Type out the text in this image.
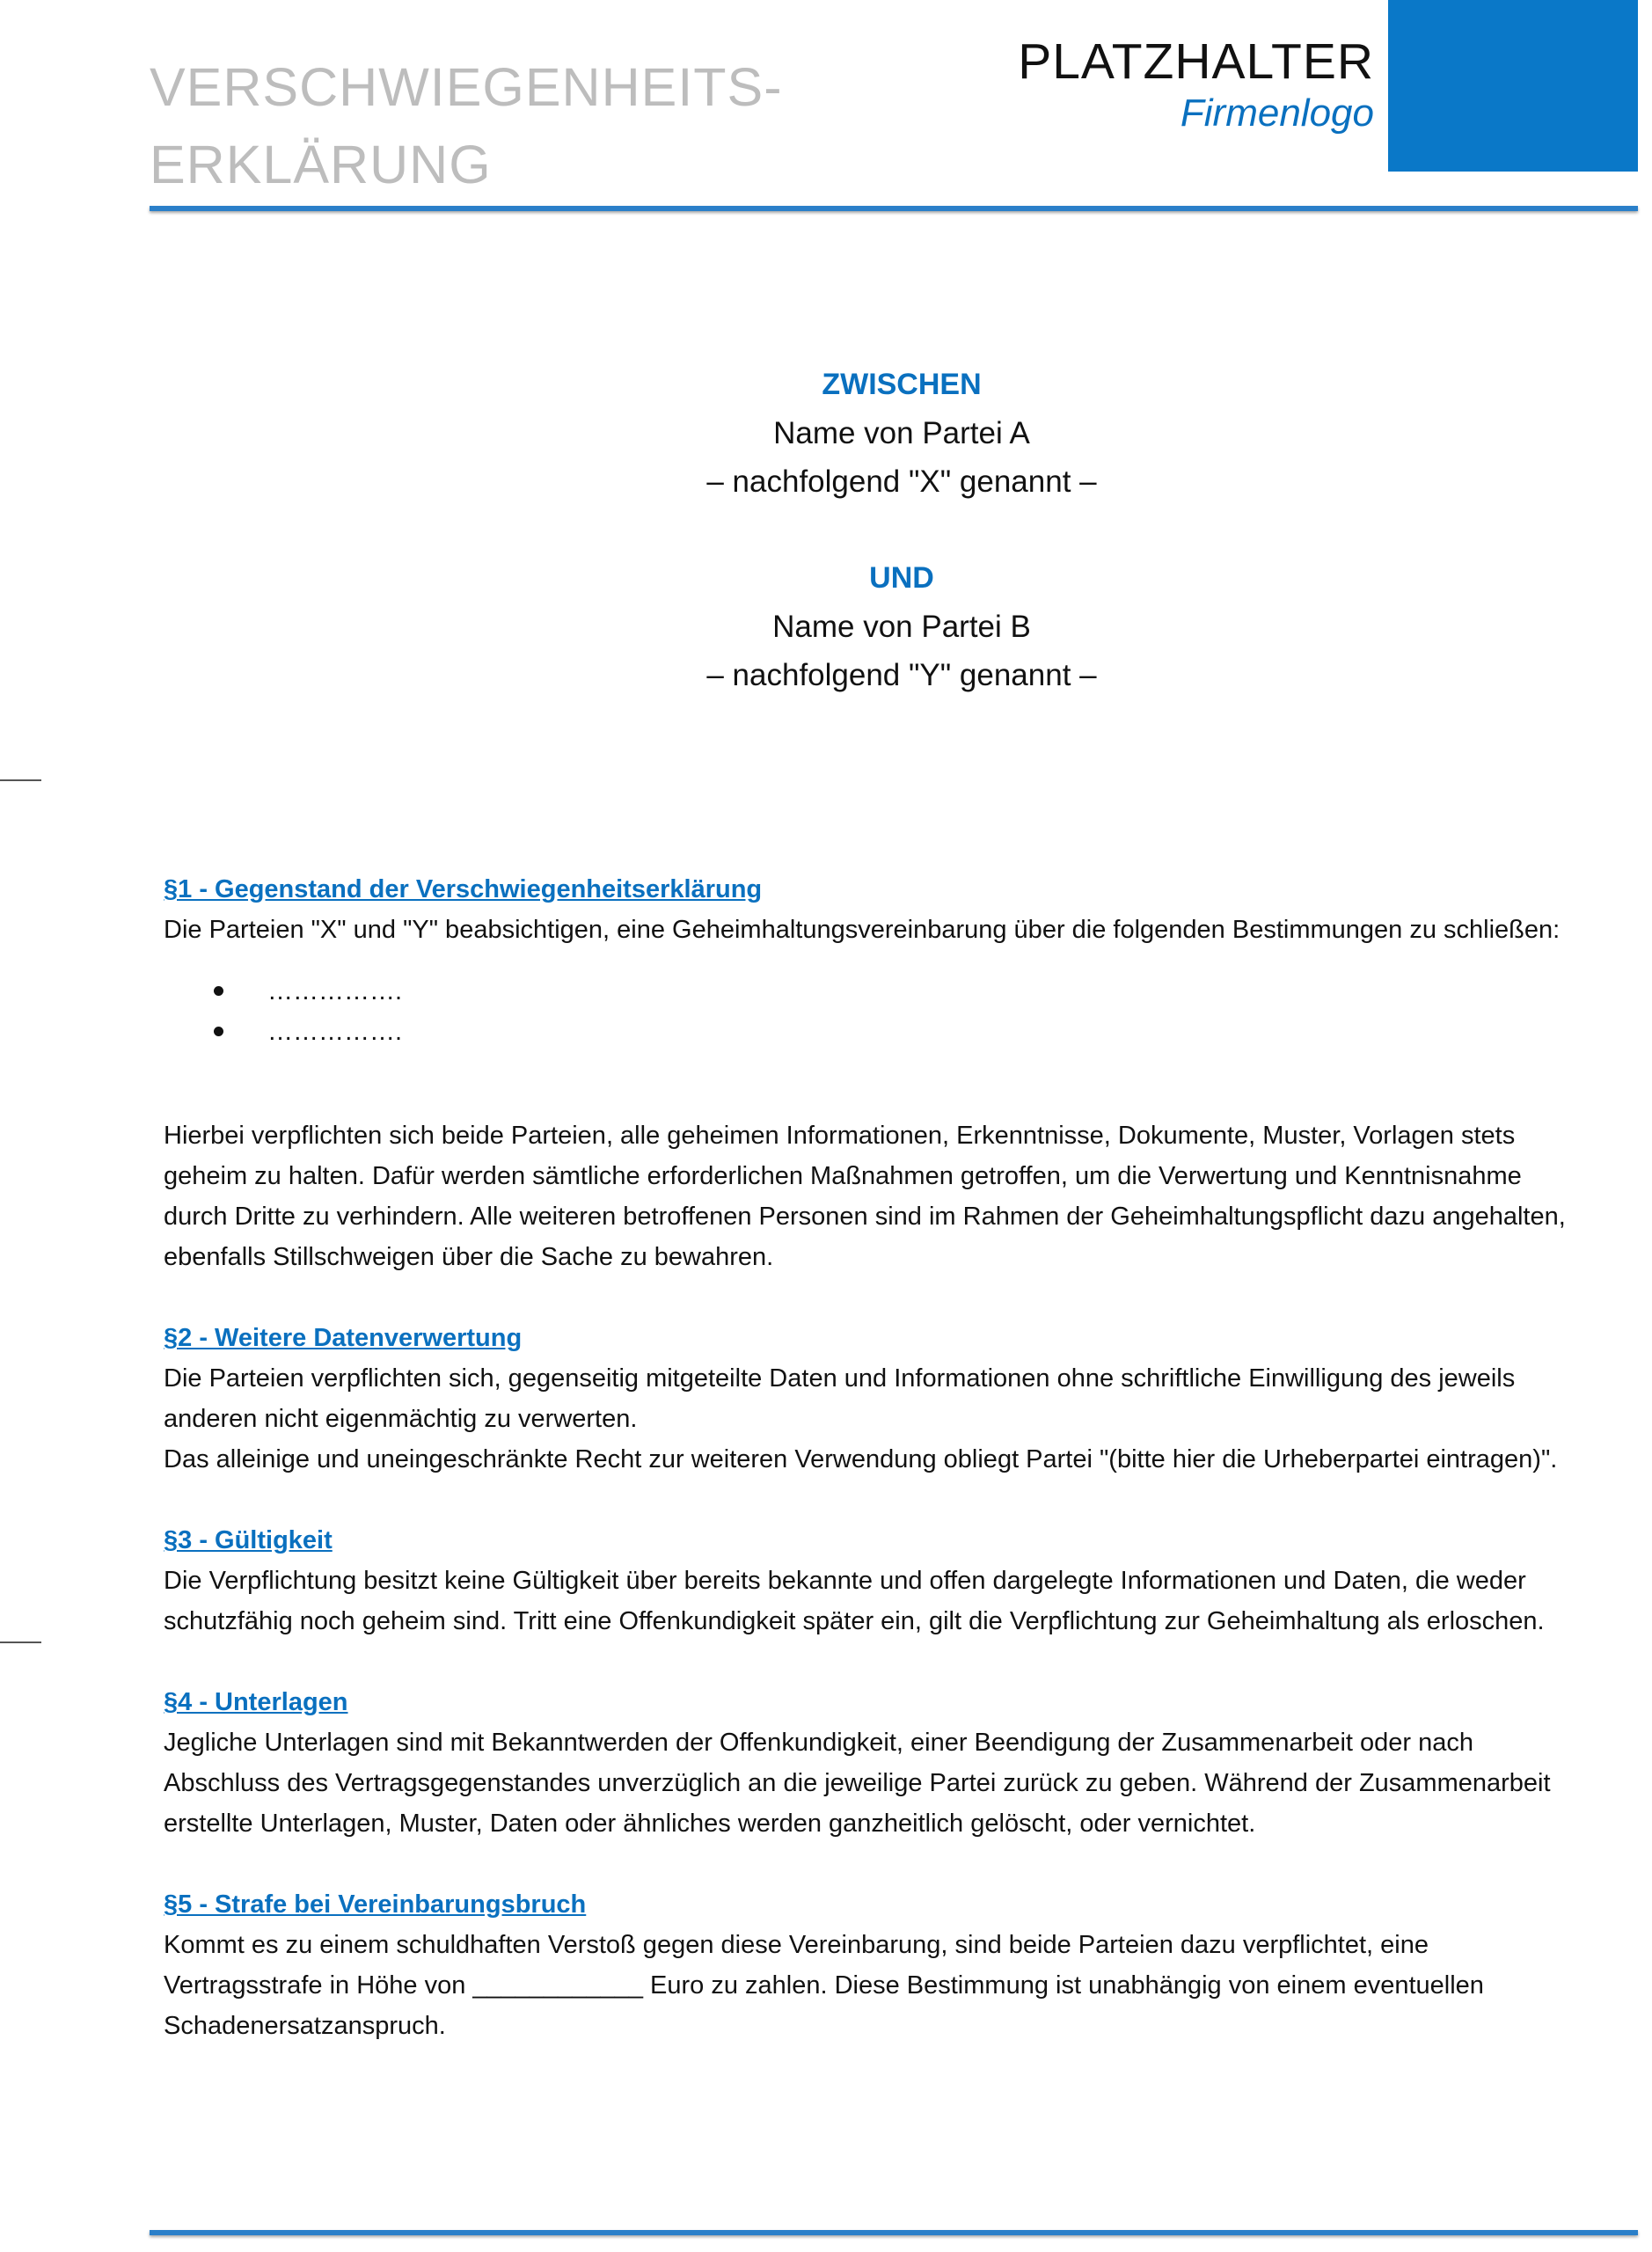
VERSCHWIEGENHEITS-
ERKLÄRUNG
PLATZHALTER
Firmenlogo
ZWISCHEN
Name von Partei A
– nachfolgend "X" genannt –
UND
Name von Partei B
– nachfolgend "Y" genannt –

§1 - Gegenstand der Verschwiegenheitserklärung

Die Parteien "X" und "Y" beabsichtigen, eine Geheimhaltungsvereinbarung über die folgenden Bestimmungen zu schließen:

…………….
…………….

Hierbei verpflichten sich beide Parteien, alle geheimen Informationen, Erkenntnisse, Dokumente, Muster, Vorlagen stets

geheim zu halten. Dafür werden sämtliche erforderlichen Maßnahmen getroffen, um die Verwertung und Kenntnisnahme

durch Dritte zu verhindern. Alle weiteren betroffenen Personen sind im Rahmen der Geheimhaltungspflicht dazu angehalten,

ebenfalls Stillschweigen über die Sache zu bewahren.

§2 - Weitere Datenverwertung

Die Parteien verpflichten sich, gegenseitig mitgeteilte Daten und Informationen ohne schriftliche Einwilligung des jeweils

anderen nicht eigenmächtig zu verwerten.

Das alleinige und uneingeschränkte Recht zur weiteren Verwendung obliegt Partei "(bitte hier die Urheberpartei eintragen)".

§3 - Gültigkeit

Die Verpflichtung besitzt keine Gültigkeit über bereits bekannte und offen dargelegte Informationen und Daten, die weder

schutzfähig noch geheim sind. Tritt eine Offenkundigkeit später ein, gilt die Verpflichtung zur Geheimhaltung als erloschen.

§4 - Unterlagen

Jegliche Unterlagen sind mit Bekanntwerden der Offenkundigkeit, einer Beendigung der Zusammenarbeit oder nach

Abschluss des Vertragsgegenstandes unverzüglich an die jeweilige Partei zurück zu geben. Während der Zusammenarbeit

erstellte Unterlagen, Muster, Daten oder ähnliches werden ganzheitlich gelöscht, oder vernichtet.

§5 - Strafe bei Vereinbarungsbruch

Kommt es zu einem schuldhaften Verstoß gegen diese Vereinbarung, sind beide Parteien dazu verpflichtet, eine

Vertragsstrafe in Höhe von ____________ Euro zu zahlen. Diese Bestimmung ist unabhängig von einem eventuellen

Schadenersatzanspruch.
